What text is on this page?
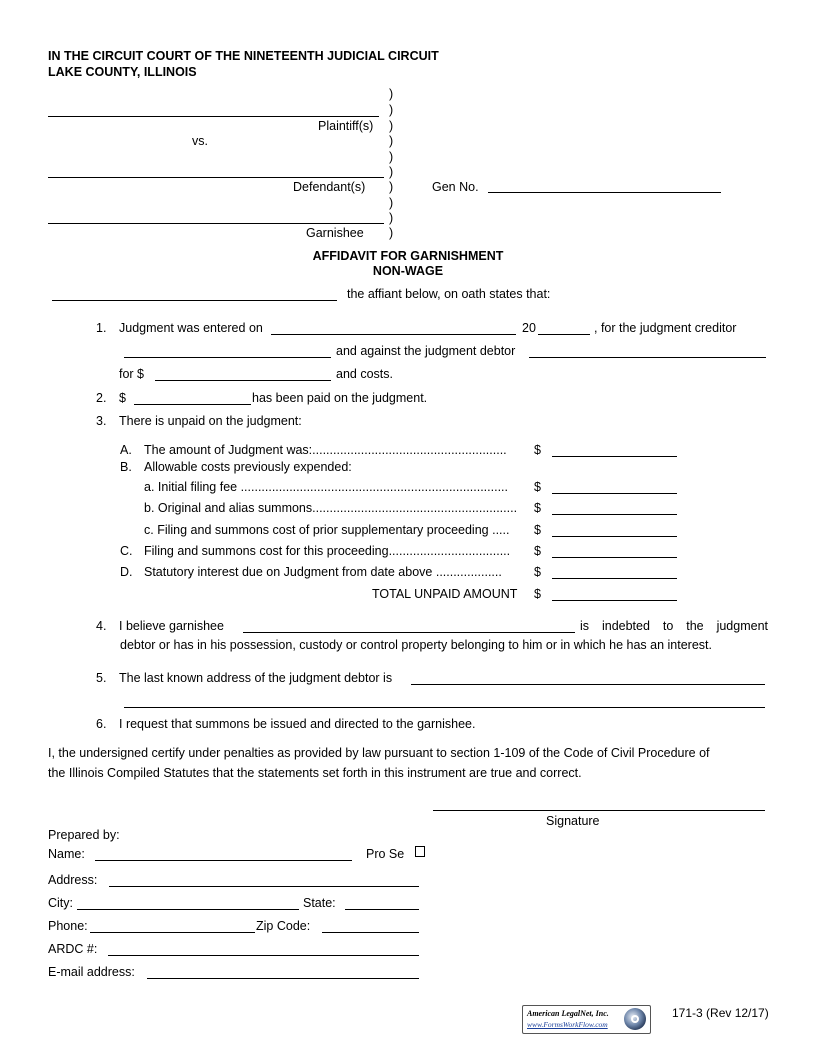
IN THE CIRCUIT COURT OF THE NINETEENTH JUDICIAL CIRCUIT
LAKE COUNTY, ILLINOIS
)
)
)
)
)
)
)
)
)
)
Plaintiff(s)
vs.
Defendant(s)
Garnishee
Gen No.
AFFIDAVIT FOR GARNISHMENT
NON-WAGE
the affiant below, on oath states that:
1. Judgment was entered on	20	, for the judgment creditor
and against the judgment debtor
for $	and costs.
2. $	has been paid on the judgment.
3. There is unpaid on the judgment:
A. The amount of Judgment was:........................................................	$
B. Allowable costs previously expended:
a. Initial filing fee .............................................................................	$
b. Original and alias summons...........................................................	$
c. Filing and summons cost of prior supplementary proceeding .....	$
C. Filing and summons cost for this proceeding...................................	$
D. Statutory interest due on Judgment from date above ...................	$
TOTAL UNPAID AMOUNT $
4. I believe garnishee	is indebted to the judgment
debtor or has in his possession, custody or control property belonging to him or in which he has an interest.
5. The last known address of the judgment debtor is
6. I request that summons be issued and directed to the garnishee.
I, the undersigned certify under penalties as provided by law pursuant to section 1-109 of the Code of Civil Procedure of
the Illinois Compiled Statutes that the statements set forth in this instrument are true and correct.
Signature
Prepared by:
Name:	Pro Se
Address:
City:	State:
Phone:	Zip Code:
ARDC #:
E-mail address:
American LegalNet, Inc.
www.FormsWorkFlow.com
171-3 (Rev 12/17)
